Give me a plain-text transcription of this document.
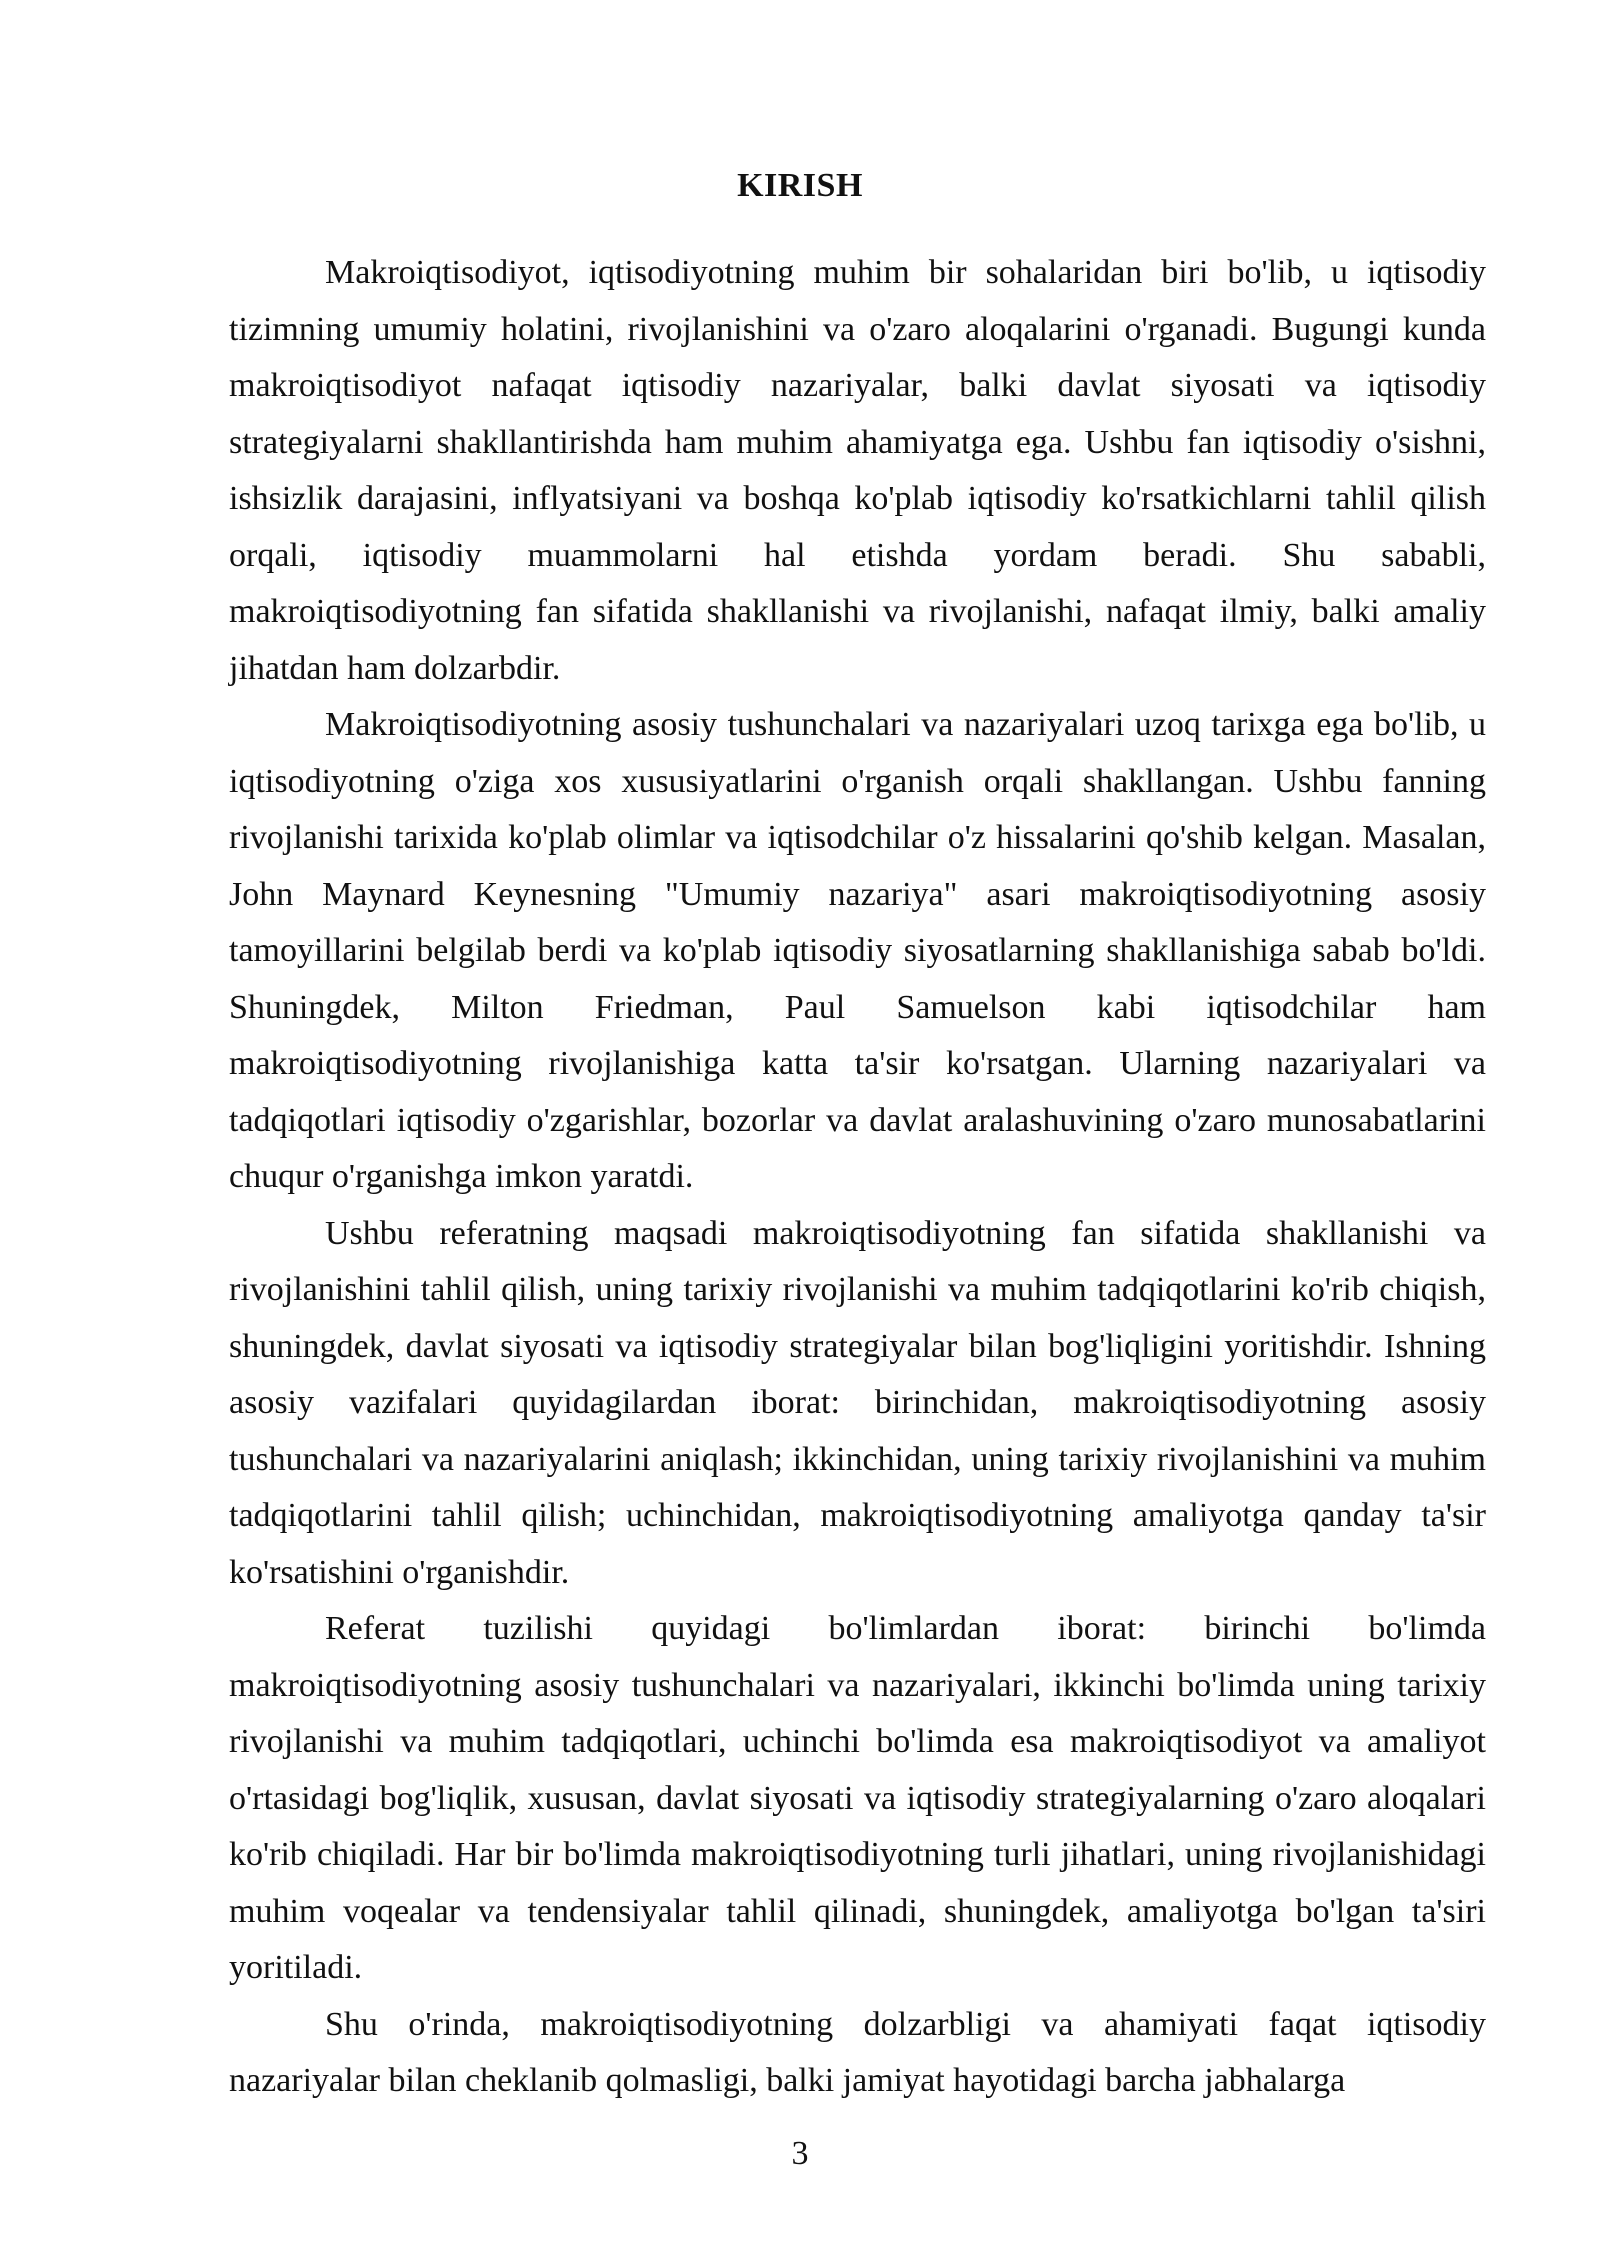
KIRISH

Makroiqtisodiyot, iqtisodiyotning muhim bir sohalaridan biri bo'lib, u iqtisodiy tizimning umumiy holatini, rivojlanishini va o'zaro aloqalarini o'rganadi. Bugungi kunda makroiqtisodiyot nafaqat iqtisodiy nazariyalar, balki davlat siyosati va iqtisodiy strategiyalarni shakllantirishda ham muhim ahamiyatga ega. Ushbu fan iqtisodiy o'sishni, ishsizlik darajasini, inflyatsiyani va boshqa ko'plab iqtisodiy ko'rsatkichlarni tahlil qilish orqali, iqtisodiy muammolarni hal etishda yordam beradi. Shu sababli, makroiqtisodiyotning fan sifatida shakllanishi va rivojlanishi, nafaqat ilmiy, balki amaliy jihatdan ham dolzarbdir.

Makroiqtisodiyotning asosiy tushunchalari va nazariyalari uzoq tarixga ega bo'lib, u iqtisodiyotning o'ziga xos xususiyatlarini o'rganish orqali shakllangan. Ushbu fanning rivojlanishi tarixida ko'plab olimlar va iqtisodchilar o'z hissalarini qo'shib kelgan. Masalan, John Maynard Keynesning "Umumiy nazariya" asari makroiqtisodiyotning asosiy tamoyillarini belgilab berdi va ko'plab iqtisodiy siyosatlarning shakllanishiga sabab bo'ldi. Shuningdek, Milton Friedman, Paul Samuelson kabi iqtisodchilar ham makroiqtisodiyotning rivojlanishiga katta ta'sir ko'rsatgan. Ularning nazariyalari va tadqiqotlari iqtisodiy o'zgarishlar, bozorlar va davlat aralashuvining o'zaro munosabatlarini chuqur o'rganishga imkon yaratdi.

Ushbu referatning maqsadi makroiqtisodiyotning fan sifatida shakllanishi va rivojlanishini tahlil qilish, uning tarixiy rivojlanishi va muhim tadqiqotlarini ko'rib chiqish, shuningdek, davlat siyosati va iqtisodiy strategiyalar bilan bog'liqligini yoritishdir. Ishning asosiy vazifalari quyidagilardan iborat: birinchidan, makroiqtisodiyotning asosiy tushunchalari va nazariyalarini aniqlash; ikkinchidan, uning tarixiy rivojlanishini va muhim tadqiqotlarini tahlil qilish; uchinchidan, makroiqtisodiyotning amaliyotga qanday ta'sir ko'rsatishini o'rganishdir.

Referat tuzilishi quyidagi bo'limlardan iborat: birinchi bo'limda makroiqtisodiyotning asosiy tushunchalari va nazariyalari, ikkinchi bo'limda uning tarixiy rivojlanishi va muhim tadqiqotlari, uchinchi bo'limda esa makroiqtisodiyot va amaliyot o'rtasidagi bog'liqlik, xususan, davlat siyosati va iqtisodiy strategiyalarning o'zaro aloqalari ko'rib chiqiladi. Har bir bo'limda makroiqtisodiyotning turli jihatlari, uning rivojlanishidagi muhim voqealar va tendensiyalar tahlil qilinadi, shuningdek, amaliyotga bo'lgan ta'siri yoritiladi.

Shu o'rinda, makroiqtisodiyotning dolzarbligi va ahamiyati faqat iqtisodiy nazariyalar bilan cheklanib qolmasligi, balki jamiyat hayotidagi barcha jabhalarga

3
